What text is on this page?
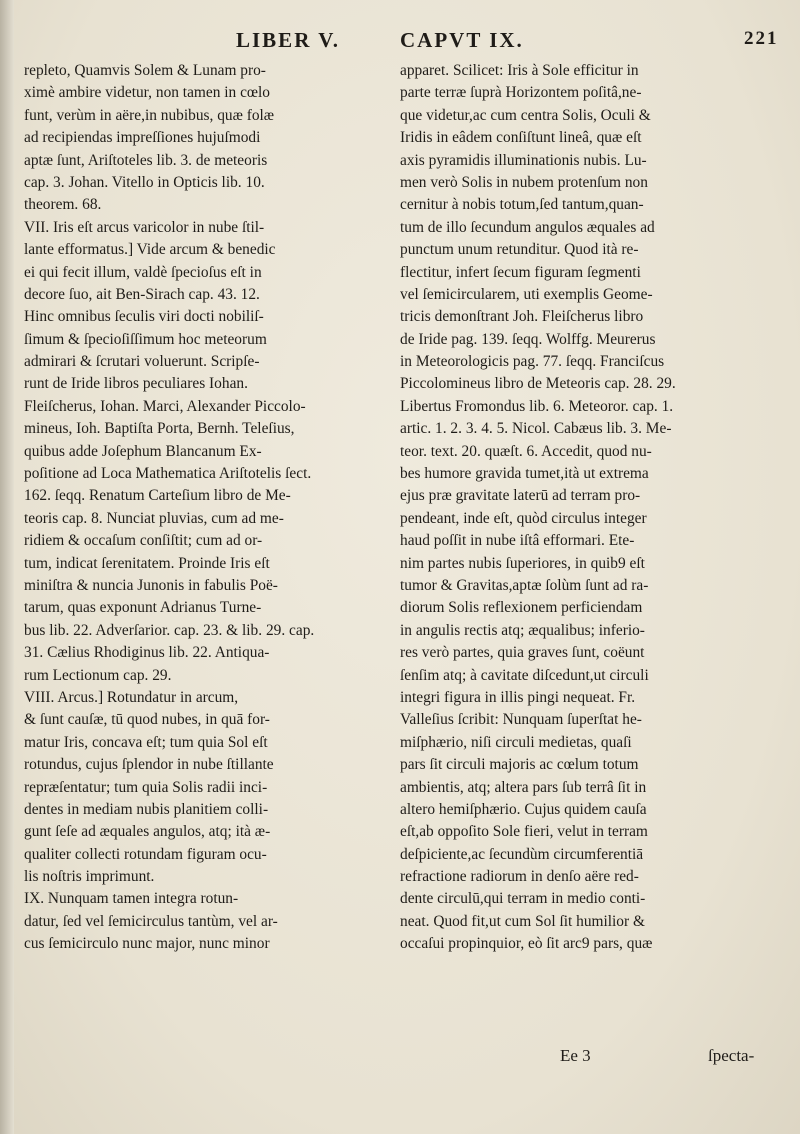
LIBER V.	CAPVT IX.	221
repleto, Quamvis Solem & Lunam pro-
ximè ambire videtur, non tamen in cœlo
funt, verùm in aëre,in nubibus, quæ folæ
ad recipiendas impreſſiones hujuſmodi
aptæ ſunt, Ariſtoteles lib. 3. de meteoris
cap. 3. Johan. Vitello in Opticis lib. 10.
theorem. 68.
VII. Iris eſt arcus varicolor in nube ſtil-
lante efformatus.] Vide arcum & benedic
ei qui fecit illum, valdè ſpecioſus eſt in
decore ſuo, ait Ben-Sirach cap. 43. 12.
Hinc omnibus ſeculis viri docti nobiliſ-
ſimum & ſpecioſiſſimum hoc meteorum
admirari & ſcrutari voluerunt. Scripſe-
runt de Iride libros peculiares Iohan.
Fleiſcherus, Iohan. Marci, Alexander Piccolo-
mineus, Ioh. Baptiſta Porta, Bernh. Teleſius,
quibus adde Joſephum Blancanum Ex-
poſitione ad Loca Mathematica Ariſtotelis ſect.
162. ſeqq. Renatum Carteſium libro de Me-
teoris cap. 8. Nunciat pluvias, cum ad me-
ridiem & occaſum conſiſtit; cum ad or-
tum, indicat ſerenitatem. Proinde Iris eſt
miniſtra & nuncia Junonis in fabulis Poë-
tarum, quas exponunt Adrianus Turne-
bus lib. 22. Adverſarior. cap. 23. & lib. 29. cap.
31. Cælius Rhodiginus lib. 22. Antiqua-
rum Lectionum cap. 29.
VIII. Arcus.] Rotundatur in arcum,
& ſunt cauſæ, tū quod nubes, in quā for-
matur Iris, concava eſt; tum quia Sol eſt
rotundus, cujus ſplendor in nube ſtillante
repræſentatur; tum quia Solis radii inci-
dentes in mediam nubis planitiem colli-
gunt ſeſe ad æquales angulos, atq; ità æ-
qualiter collecti rotundam figuram ocu-
lis noſtris imprimunt.
IX. Nunquam tamen integra rotun-
datur, ſed vel ſemicirculus tantùm, vel ar-
cus ſemicirculo nunc major, nunc minor
apparet. Scilicet: Iris à Sole efficitur in
parte terræ ſuprà Horizontem poſitâ,ne-
que videtur,ac cum centra Solis, Oculi &
Iridis in eâdem conſiſtunt lineâ, quæ eſt
axis pyramidis illuminationis nubis. Lu-
men verò Solis in nubem protenſum non
cernitur à nobis totum,ſed tantum,quan-
tum de illo ſecundum angulos æquales ad
punctum unum retunditur. Quod ità re-
flectitur, infert ſecum figuram ſegmenti
vel ſemicircularem, uti exemplis Geome-
tricis demonſtrant Joh. Fleiſcherus libro
de Iride pag. 139. ſeqq. Wolffg. Meurerus
in Meteorologicis pag. 77. ſeqq. Franciſcus
Piccolomineus libro de Meteoris cap. 28. 29.
Libertus Fromondus lib. 6. Meteoror. cap. 1.
artic. 1. 2. 3. 4. 5. Nicol. Cabæus lib. 3. Me-
teor. text. 20. quæſt. 6. Accedit, quod nu-
bes humore gravida tumet,ità ut extrema
ejus præ gravitate laterū ad terram pro-
pendeant, inde eſt, quòd circulus integer
haud poſſit in nube iſtâ efformari. Ete-
nim partes nubis ſuperiores, in quib9 eſt
tumor & Gravitas,aptæ ſolùm ſunt ad ra-
diorum Solis reflexionem perficiendam
in angulis rectis atq; æqualibus; inferio-
res verò partes, quia graves ſunt, coëunt
ſenſim atq; à cavitate diſcedunt,ut circuli
integri figura in illis pingi nequeat. Fr.
Valleſius ſcribit: Nunquam ſuperſtat he-
miſphærio, niſi circuli medietas, quaſi
pars ſit circuli majoris ac cœlum totum
ambientis, atq; altera pars ſub terrâ ſit in
altero hemiſphærio. Cujus quidem cauſa
eſt,ab oppoſito Sole fieri, velut in terram
deſpiciente,ac ſecundùm circumferentiā
refractione radiorum in denſo aëre red-
dente circulū,qui terram in medio conti-
neat. Quod fit,ut cum Sol ſit humilior &
occaſui propinquior, eò ſit arc9 pars, quæ
Ee 3	ſpecta-
